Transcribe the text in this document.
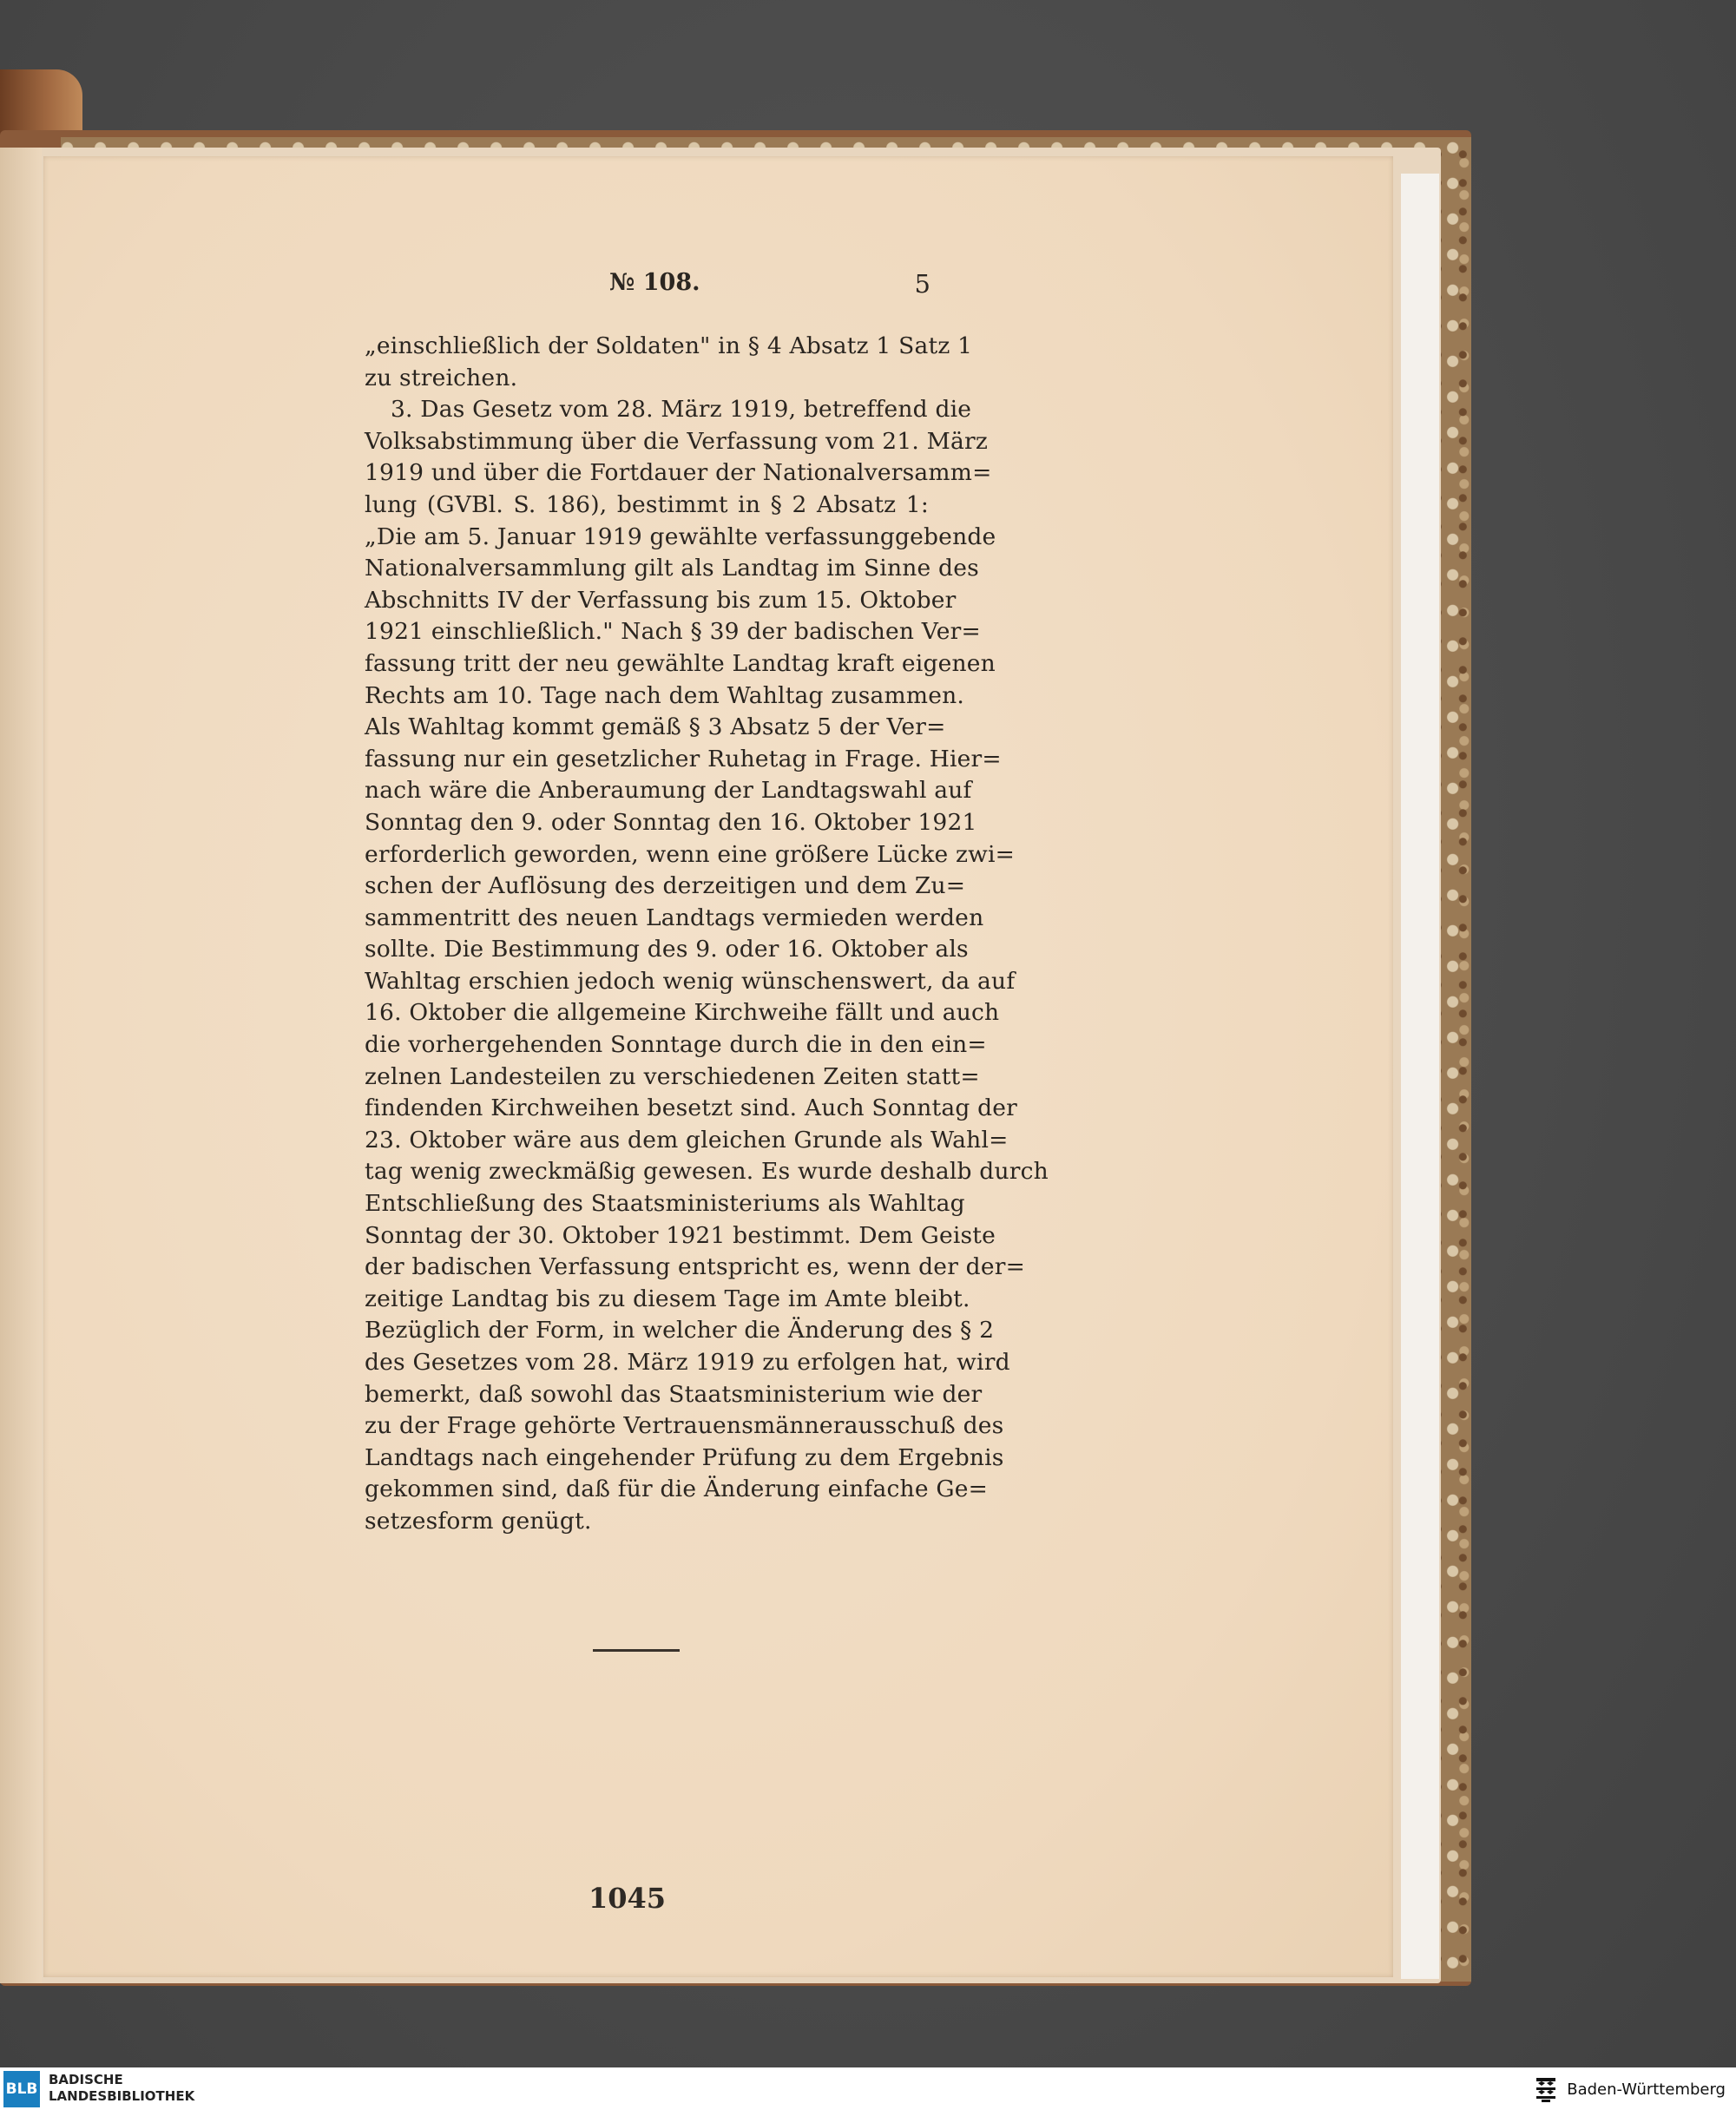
№ 108.	5
„einschließlich der Soldaten" in § 4 Absatz 1 Satz 1
zu streichen.
3. Das Gesetz vom 28. März 1919, betreffend die
Volksabstimmung über die Verfassung vom 21. März
1919 und über die Fortdauer der Nationalversamm=
lung (GVBl. S. 186), bestimmt in § 2 Absatz 1:
„Die am 5. Januar 1919 gewählte verfassunggebende
Nationalversammlung gilt als Landtag im Sinne des
Abschnitts IV der Verfassung bis zum 15. Oktober
1921 einschließlich." Nach § 39 der badischen Ver=
fassung tritt der neu gewählte Landtag kraft eigenen
Rechts am 10. Tage nach dem Wahltag zusammen.
Als Wahltag kommt gemäß § 3 Absatz 5 der Ver=
fassung nur ein gesetzlicher Ruhetag in Frage. Hier=
nach wäre die Anberaumung der Landtagswahl auf
Sonntag den 9. oder Sonntag den 16. Oktober 1921
erforderlich geworden, wenn eine größere Lücke zwi=
schen der Auflösung des derzeitigen und dem Zu=
sammentritt des neuen Landtags vermieden werden
sollte. Die Bestimmung des 9. oder 16. Oktober als
Wahltag erschien jedoch wenig wünschenswert, da auf
16. Oktober die allgemeine Kirchweihe fällt und auch
die vorhergehenden Sonntage durch die in den ein=
zelnen Landesteilen zu verschiedenen Zeiten statt=
findenden Kirchweihen besetzt sind. Auch Sonntag der
23. Oktober wäre aus dem gleichen Grunde als Wahl=
tag wenig zweckmäßig gewesen. Es wurde deshalb durch
Entschließung des Staatsministeriums als Wahltag
Sonntag der 30. Oktober 1921 bestimmt. Dem Geiste
der badischen Verfassung entspricht es, wenn der der=
zeitige Landtag bis zu diesem Tage im Amte bleibt.
Bezüglich der Form, in welcher die Änderung des § 2
des Gesetzes vom 28. März 1919 zu erfolgen hat, wird
bemerkt, daß sowohl das Staatsministerium wie der
zu der Frage gehörte Vertrauensmännerausschuß des
Landtags nach eingehender Prüfung zu dem Ergebnis
gekommen sind, daß für die Änderung einfache Ge=
setzesform genügt.
1045
BLB
BADISCHE
LANDESBIBLIOTHEK	Baden-Württemberg
